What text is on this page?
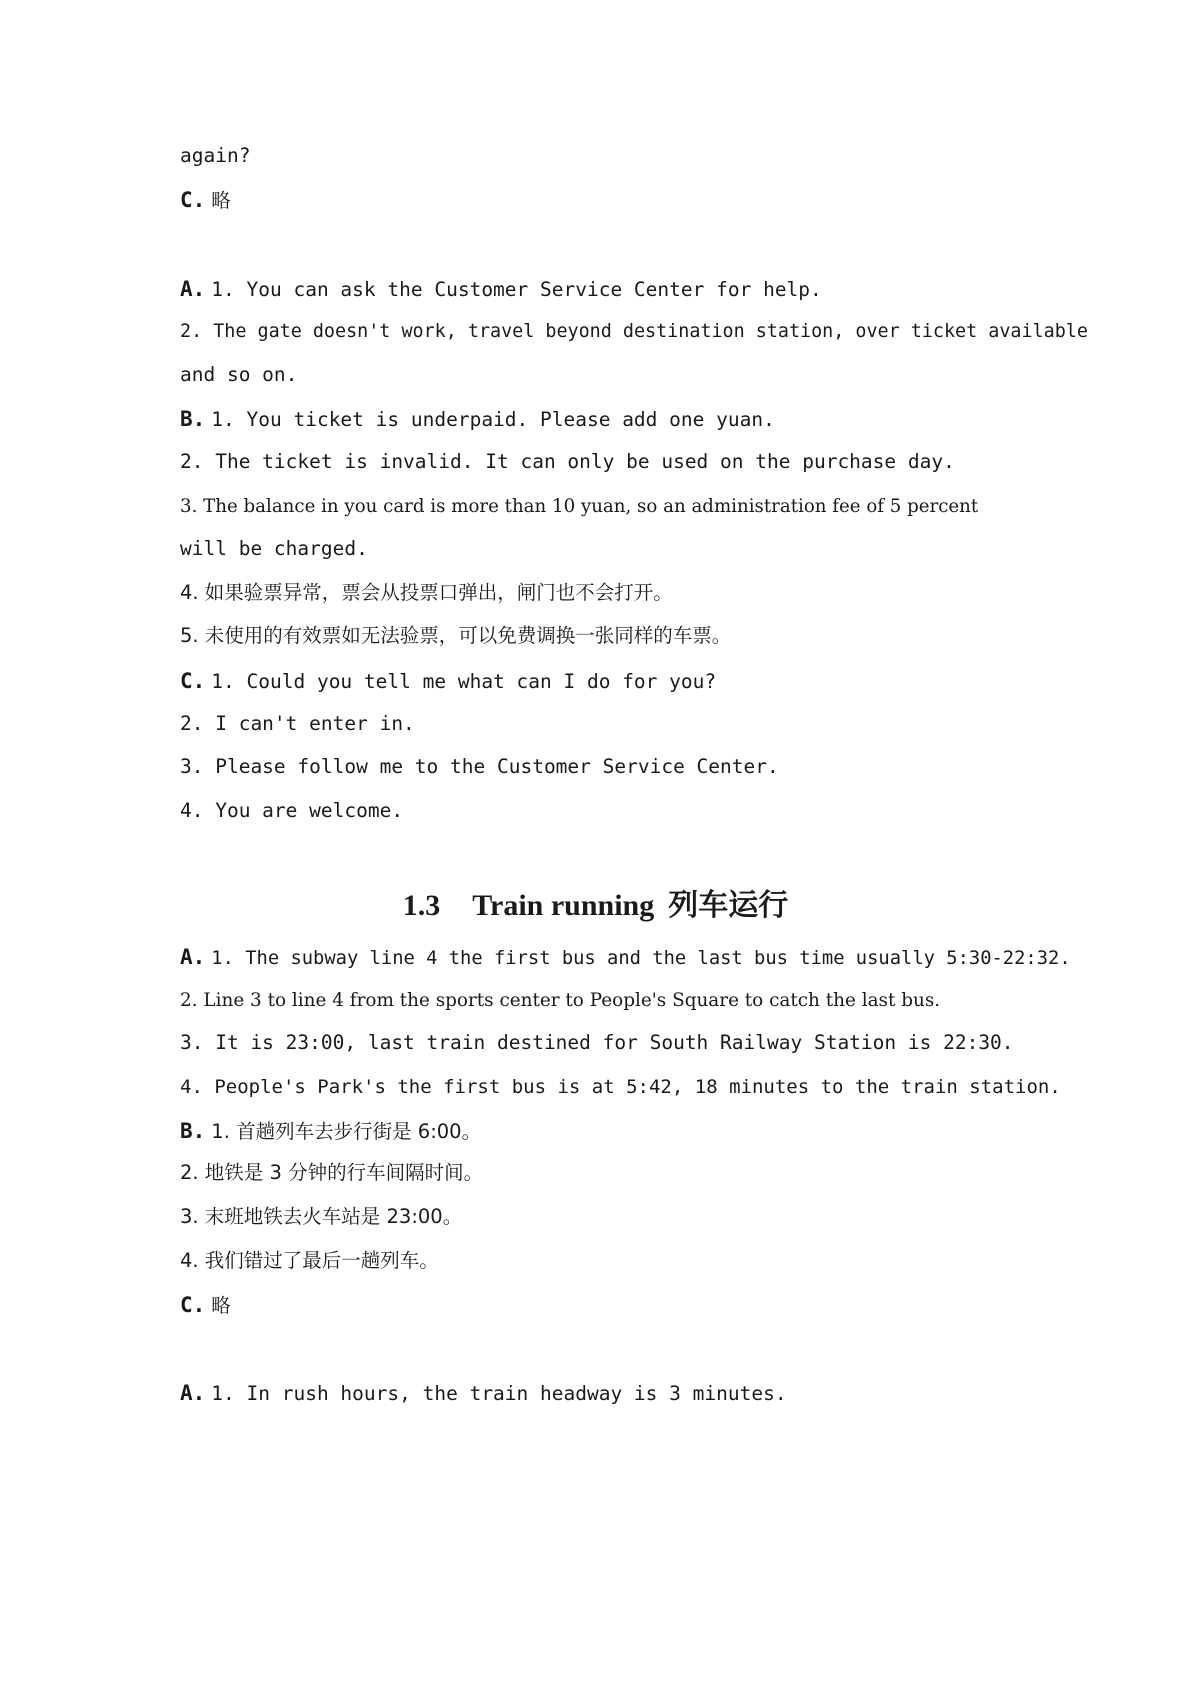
again?
C. 略
A. 1. You can ask the Customer Service Center for help.
2. The gate doesn't work, travel beyond destination station, over ticket available
and so on.
B. 1. You ticket is underpaid. Please add one yuan.
2. The ticket is invalid. It can only be used on the purchase day.
3. The balance in you card is more than 10 yuan, so an administration fee of 5 percent
will be charged.
4. 如果验票异常，票会从投票口弹出，闸门也不会打开。
5. 未使用的有效票如无法验票，可以免费调换一张同样的车票。
C. 1. Could you tell me what can I do for you?
2. I can't enter in.
3. Please follow me to the Customer Service Center.
4. You are welcome.
1.3 Train running 列车运行
A. 1. The subway line 4 the first bus and the last bus time usually 5:30-22:32.
2. Line 3 to line 4 from the sports center to People's Square to catch the last bus.
3. It is 23:00, last train destined for South Railway Station is 22:30.
4. People's Park's the first bus is at 5:42, 18 minutes to the train station.
B. 1. 首趟列车去步行街是 6:00。
2. 地铁是 3 分钟的行车间隔时间。
3. 末班地铁去火车站是 23:00。
4. 我们错过了最后一趟列车。
C. 略
A. 1. In rush hours, the train headway is 3 minutes.
